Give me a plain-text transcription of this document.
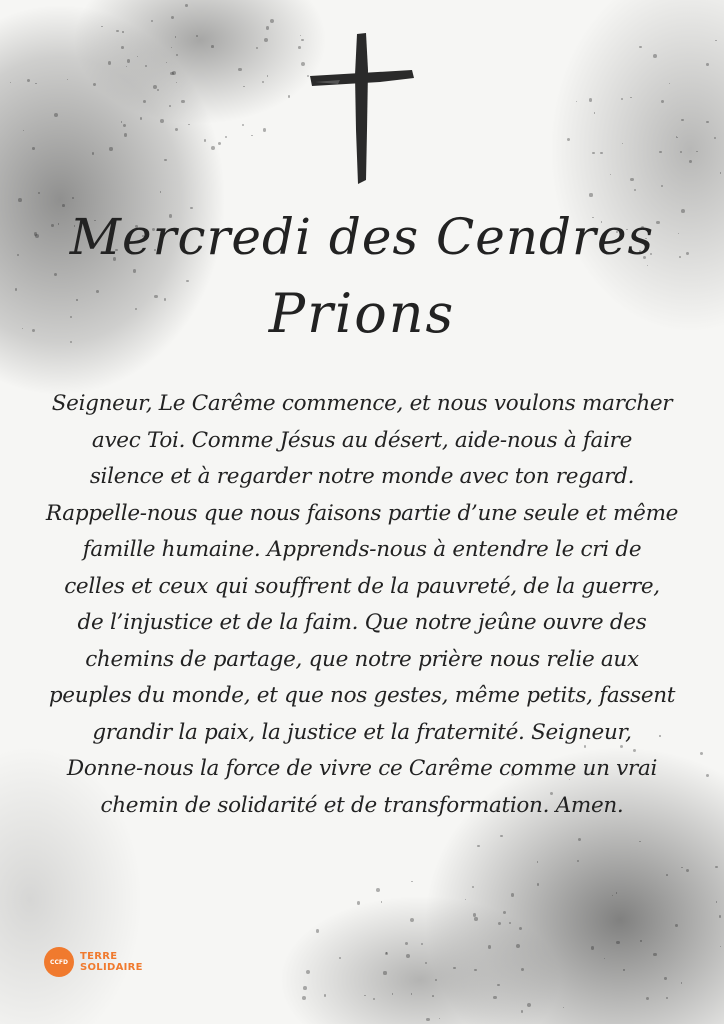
Mercredi des Cendres
Prions

Seigneur, Le Carême commence, et nous voulons marcher
avec Toi. Comme Jésus au désert, aide-nous à faire
silence et à regarder notre monde avec ton regard.
Rappelle-nous que nous faisons partie d’une seule et même
famille humaine. Apprends-nous à entendre le cri de
celles et ceux qui souffrent de la pauvreté, de la guerre,
de l’injustice et de la faim. Que notre jeûne ouvre des
chemins de partage, que notre prière nous relie aux
peuples du monde, et que nos gestes, même petits, fassent
grandir la paix, la justice et la fraternité. Seigneur,
Donne-nous la force de vivre ce Carême comme un vrai
chemin de solidarité et de transformation. Amen.

CCFD TERRE
SOLIDAIRE
